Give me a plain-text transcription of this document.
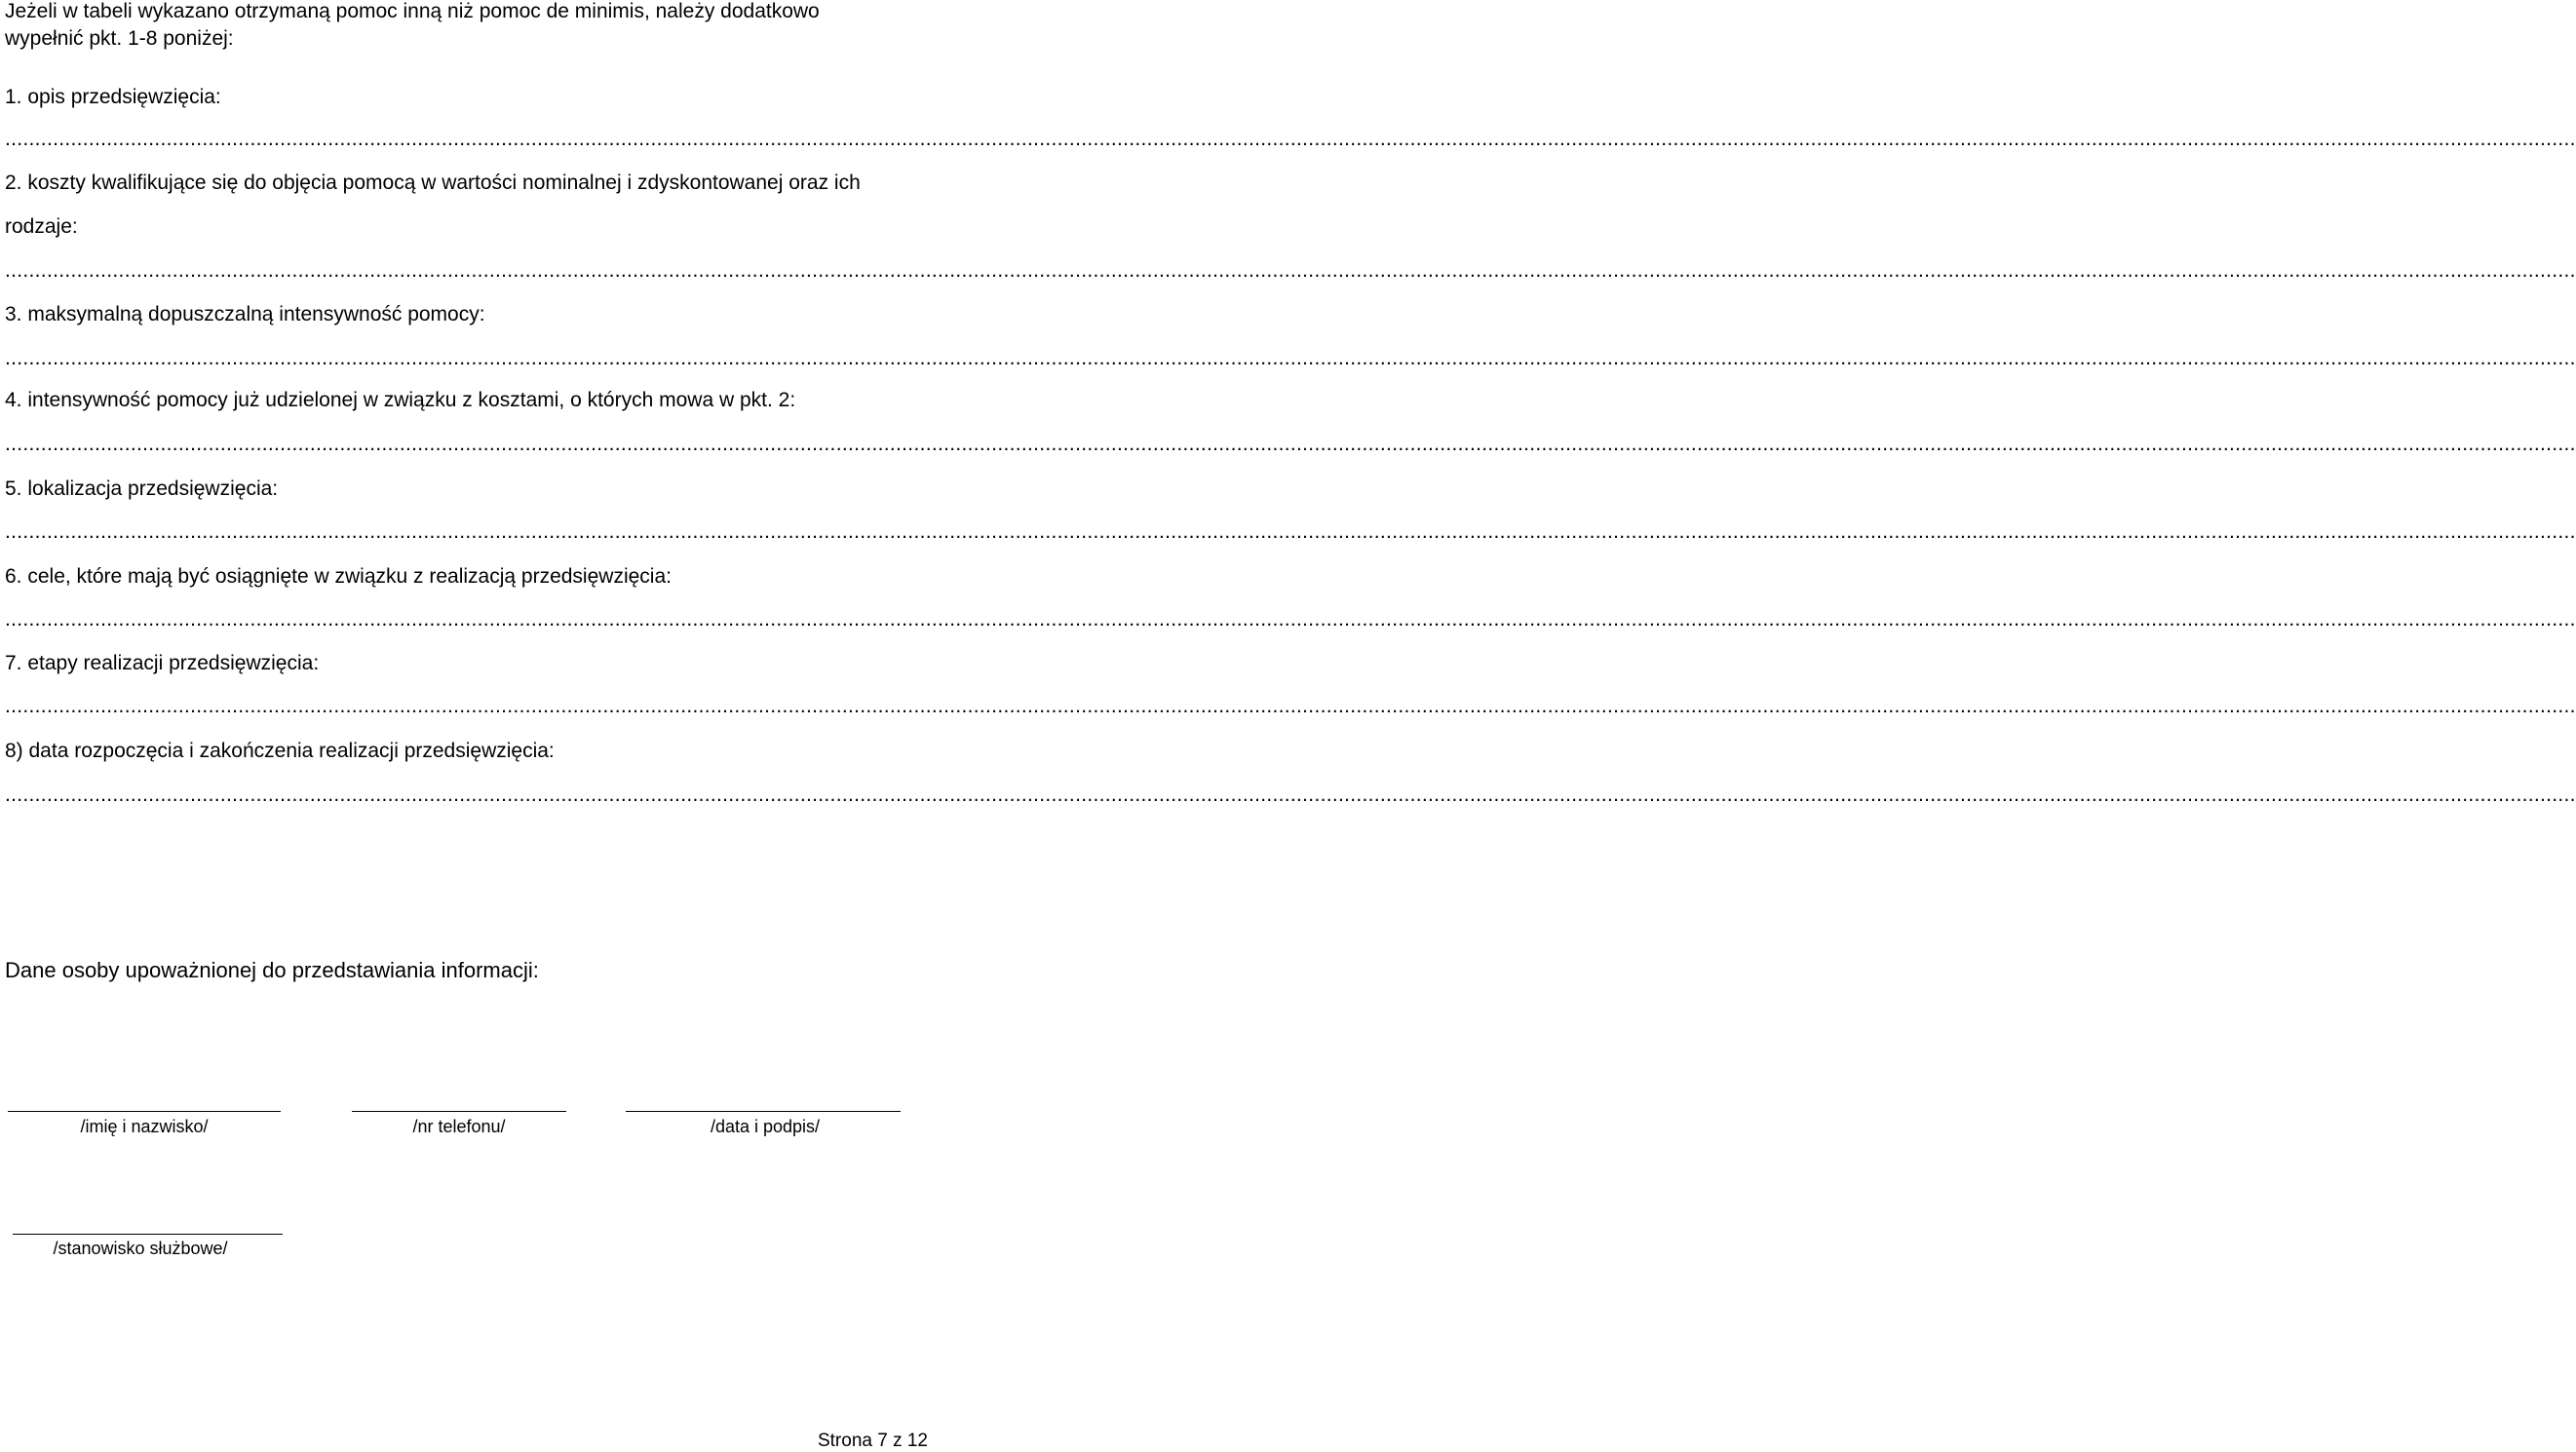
Jeżeli w tabeli wykazano otrzymaną pomoc inną niż pomoc de minimis, należy dodatkowo
wypełnić pkt. 1-8 poniżej:
1. opis przedsięwzięcia:
..............................................................................................................................................................................................................................................................................................................................................................................................................................................
2. koszty kwalifikujące się do objęcia pomocą w wartości nominalnej i zdyskontowanej oraz ich
rodzaje:
..............................................................................................................................................................................................................................................................................................................................................................................................................................................
3. maksymalną dopuszczalną intensywność pomocy:
..............................................................................................................................................................................................................................................................................................................................................................................................................................................
4. intensywność pomocy już udzielonej w związku z kosztami, o których mowa w pkt. 2:
..............................................................................................................................................................................................................................................................................................................................................................................................................................................
5. lokalizacja przedsięwzięcia:
..............................................................................................................................................................................................................................................................................................................................................................................................................................................
6. cele, które mają być osiągnięte w związku z realizacją przedsięwzięcia:
..............................................................................................................................................................................................................................................................................................................................................................................................................................................
7. etapy realizacji przedsięwzięcia:
..............................................................................................................................................................................................................................................................................................................................................................................................................................................
8) data rozpoczęcia i zakończenia realizacji przedsięwzięcia:
..............................................................................................................................................................................................................................................................................................................................................................................................................................................
Dane osoby upoważnionej do przedstawiania informacji:
/imię i nazwisko/	/nr telefonu/	/data i podpis/
/stanowisko służbowe/
Strona 7 z 12
